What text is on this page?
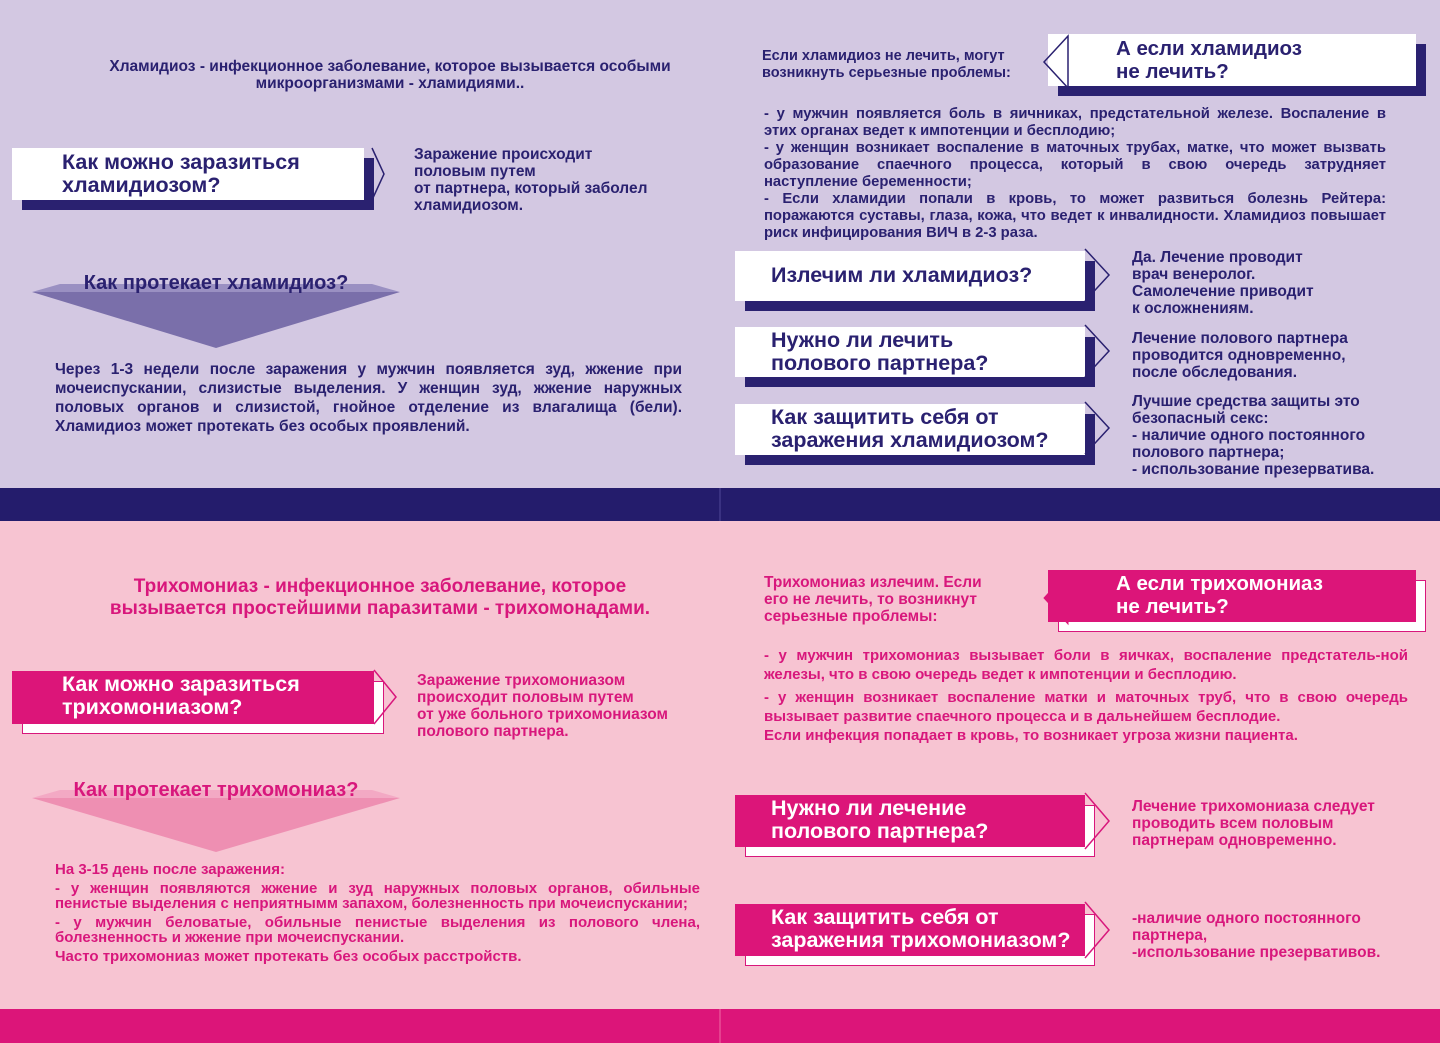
Хламидиоз - инфекционное заболевание, которое вызывается особыми микроорганизмами - хламидиями..
Как можно заразиться
хламидиозом?
Заражение происходит
половым путем
от партнера, который заболел
хламидиозом.
Как протекает хламидиоз?
Через 1-3 недели после заражения у мужчин появляется зуд, жжение при мочеиспускании, слизистые выделения. У женщин зуд, жжение наружных половых органов и слизистой, гнойное отделение из влагалища (бели). Хламидиоз может протекать без особых проявлений.
Если хламидиоз не лечить, могут
возникнуть серьезные проблемы:
А если хламидиоз
не лечить?
- у мужчин появляется боль в яичниках, предстательной железе. Воспаление в этих органах ведет к импотенции и бесплодию;
- у женщин возникает воспаление в маточных трубах, матке, что может вызвать образование спаечного процесса, который в свою очередь затрудняет наступление беременности;
- Если хламидии попали в кровь, то может развиться болезнь Рейтера: поражаются суставы, глаза, кожа, что ведет к инвалидности. Хламидиоз повышает риск инфицирования ВИЧ в 2-3 раза.
Излечим ли хламидиоз?
Да. Лечение проводит
врач венеролог.
Самолечение приводит
к осложнениям.
Нужно ли лечить
полового партнера?
Лечение полового партнера
проводится одновременно,
после обследования.
Как защитить себя от
заражения хламидиозом?
Лучшие средства защиты это
безопасный секс:
- наличие одного постоянного
полового партнера;
- использование презерватива.
Трихомониаз - инфекционное заболевание, которое
вызывается простейшими паразитами - трихомонадами.
Как можно заразиться
трихомониазом?
Заражение трихомониазом
происходит половым путем
от уже больного трихомониазом
полового партнера.
Как протекает трихомониаз?
На 3-15 день после заражения:
- у женщин появляются жжение и зуд наружных половых органов, обильные пенистые выделения с неприятнымм запахом, болезненность при мочеиспускании;
- у мужчин беловатые, обильные пенистые выделения из полового члена, болезненность и жжение при мочеиспускании.
Часто трихомониаз может протекать без особых расстройств.
Трихомониаз излечим. Если
его не лечить, то возникнут
серьезные проблемы:
А если трихомониаз
не лечить?
- у мужчин трихомониаз вызывает боли в яичках, воспаление предстатель-ной железы, что в свою очередь ведет к импотенции и бесплодию.
- у женщин возникает воспаление матки и маточных труб, что в свою очередь вызывает развитие спаечного процесса и в дальнейшем бесплодие.
Если инфекция попадает в кровь, то возникает угроза жизни пациента.
Нужно ли лечение
полового партнера?
Лечение трихомониаза следует
проводить всем половым
партнерам одновременно.
Как защитить себя от
заражения трихомониазом?
-наличие одного постоянного
партнера,
-использование презервативов.
